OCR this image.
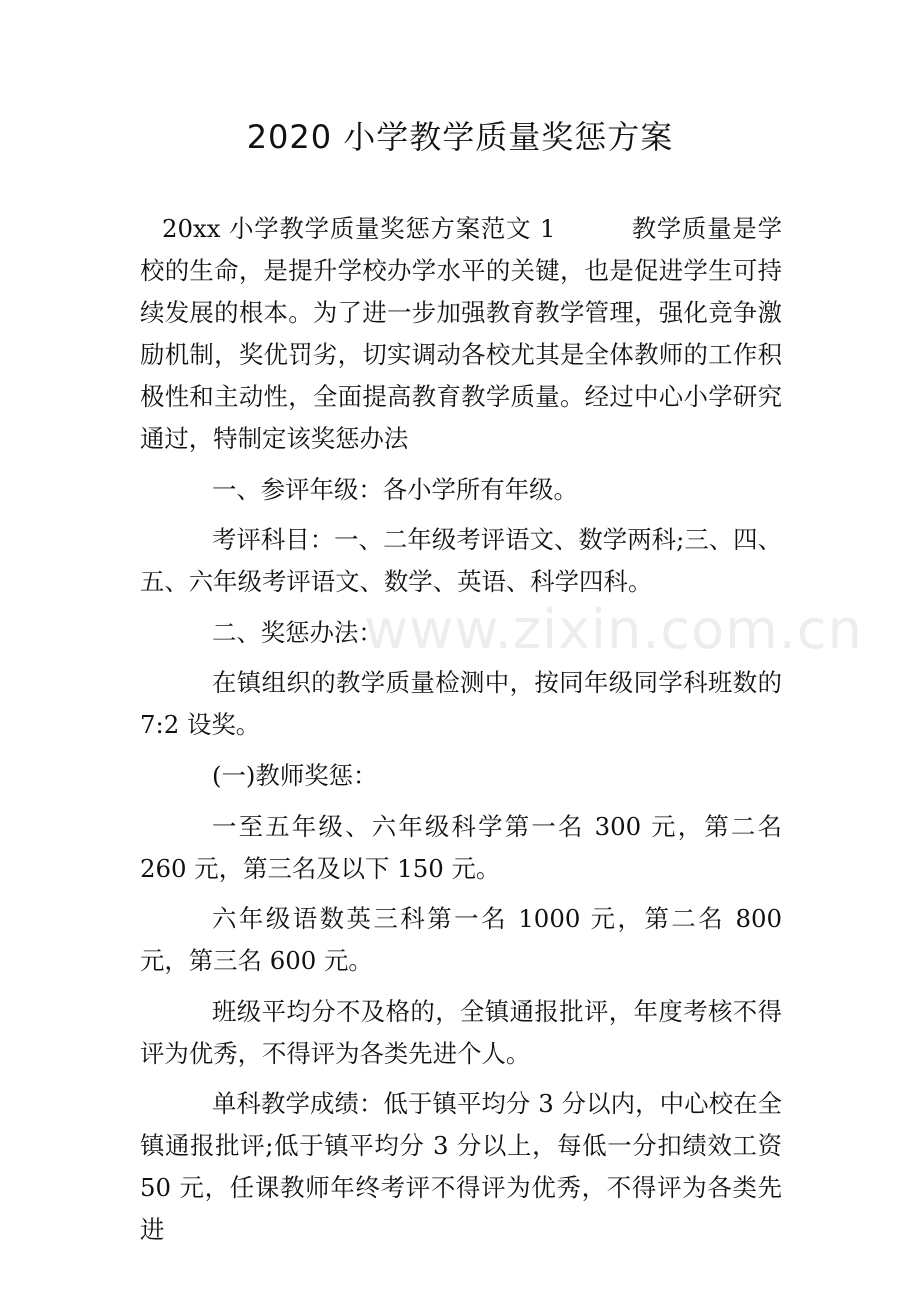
2020 小学教学质量奖惩方案
www.zixin.com.cn

20xx 小学教学质量奖惩方案范文 1　　　教学质量是学校的生命，是提升学校办学水平的关键，也是促进学生可持续发展的根本。为了进一步加强教育教学管理，强化竞争激励机制，奖优罚劣，切实调动各校尤其是全体教师的工作积极性和主动性，全面提高教育教学质量。经过中心小学研究通过，特制定该奖惩办法

一、参评年级：各小学所有年级。

考评科目：一、二年级考评语文、数学两科;三、四、五、六年级考评语文、数学、英语、科学四科。

二、奖惩办法：

在镇组织的教学质量检测中，按同年级同学科班数的 7:2 设奖。

(一)教师奖惩：

一至五年级、六年级科学第一名 300 元，第二名 260 元，第三名及以下 150 元。

六年级语数英三科第一名 1000 元，第二名 800 元，第三名 600 元。

班级平均分不及格的，全镇通报批评，年度考核不得评为优秀，不得评为各类先进个人。

单科教学成绩：低于镇平均分 3 分以内，中心校在全镇通报批评;低于镇平均分 3 分以上，每低一分扣绩效工资 50 元，任课教师年终考评不得评为优秀，不得评为各类先进
